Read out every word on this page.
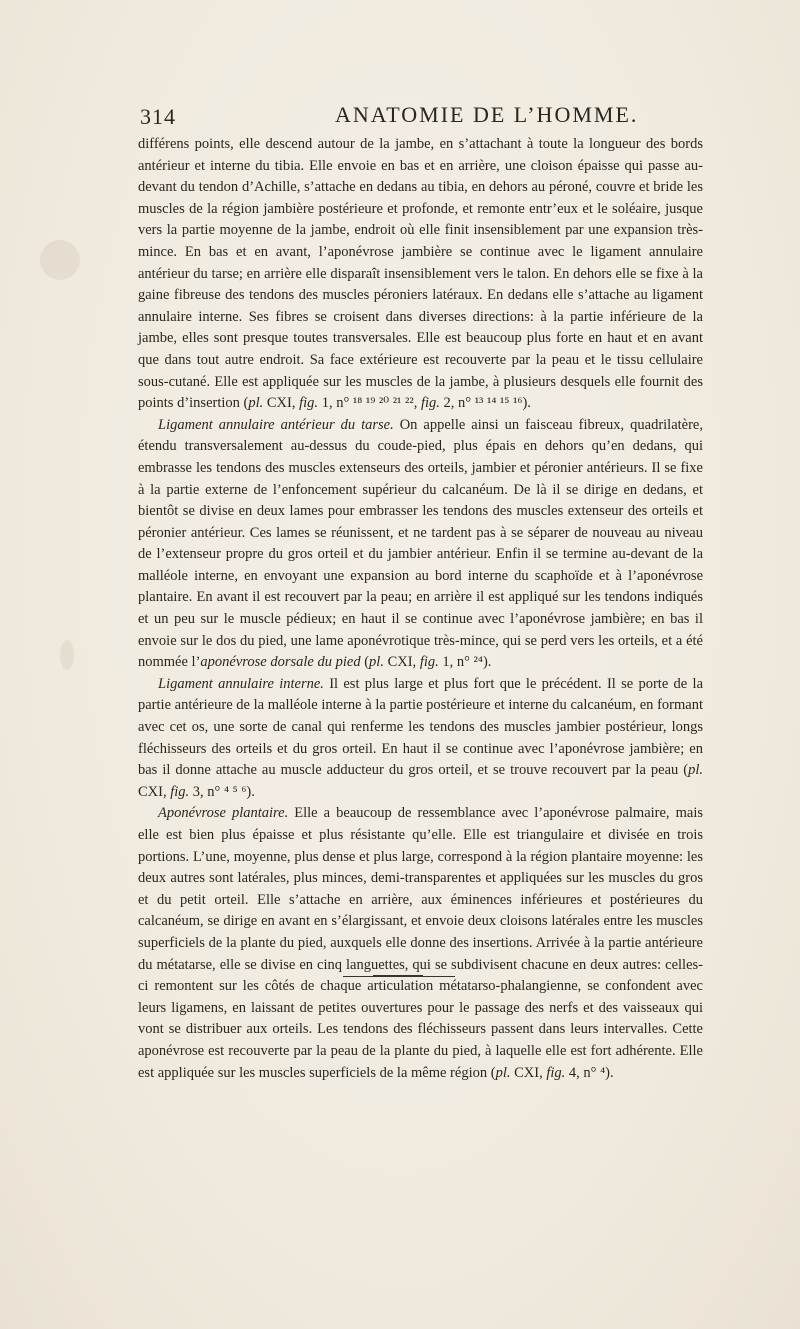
314	ANATOMIE DE L’HOMME.

différens points, elle descend autour de la jambe, en s’attachant à toute la longueur des bords antérieur et interne du tibia. Elle envoie en bas et en arrière, une cloison épaisse qui passe au-devant du tendon d’Achille, s’attache en dedans au tibia, en dehors au péroné, couvre et bride les muscles de la région jambière postérieure et profonde, et remonte entr’eux et le soléaire, jusque vers la partie moyenne de la jambe, endroit où elle finit insensiblement par une expansion très-mince. En bas et en avant, l’aponévrose jambière se continue avec le ligament annulaire antérieur du tarse; en arrière elle disparaît insensiblement vers le talon. En dehors elle se fixe à la gaine fibreuse des tendons des muscles péroniers latéraux. En dedans elle s’attache au ligament annulaire interne. Ses fibres se croisent dans diverses directions: à la partie inférieure de la jambe, elles sont presque toutes transversales. Elle est beaucoup plus forte en haut et en avant que dans tout autre endroit. Sa face extérieure est recouverte par la peau et le tissu cellulaire sous-cutané. Elle est appliquée sur les muscles de la jambe, à plusieurs desquels elle fournit des points d’insertion (pl. CXI, fig. 1, n° ¹⁸ ¹⁹ ²⁰ ²¹ ²², fig. 2, n° ¹³ ¹⁴ ¹⁵ ¹⁶).

Ligament annulaire antérieur du tarse. On appelle ainsi un faisceau fibreux, quadrilatère, étendu transversalement au-dessus du coude-pied, plus épais en dehors qu’en dedans, qui embrasse les tendons des muscles extenseurs des orteils, jambier et péronier antérieurs. Il se fixe à la partie externe de l’enfoncement supérieur du calcanéum. De là il se dirige en dedans, et bientôt se divise en deux lames pour embrasser les tendons des muscles extenseur des orteils et péronier antérieur. Ces lames se réunissent, et ne tardent pas à se séparer de nouveau au niveau de l’extenseur propre du gros orteil et du jambier antérieur. Enfin il se termine au-devant de la malléole interne, en envoyant une expansion au bord interne du scaphoïde et à l’aponévrose plantaire. En avant il est recouvert par la peau; en arrière il est appliqué sur les tendons indiqués et un peu sur le muscle pédieux; en haut il se continue avec l’aponévrose jambière; en bas il envoie sur le dos du pied, une lame aponévrotique très-mince, qui se perd vers les orteils, et a été nommée l’aponévrose dorsale du pied (pl. CXI, fig. 1, n° ²⁴).

Ligament annulaire interne. Il est plus large et plus fort que le précédent. Il se porte de la partie antérieure de la malléole interne à la partie postérieure et interne du calcanéum, en formant avec cet os, une sorte de canal qui renferme les tendons des muscles jambier postérieur, longs fléchisseurs des orteils et du gros orteil. En haut il se continue avec l’aponévrose jambière; en bas il donne attache au muscle adducteur du gros orteil, et se trouve recouvert par la peau (pl. CXI, fig. 3, n° ⁴ ⁵ ⁶).

Aponévrose plantaire. Elle a beaucoup de ressemblance avec l’aponévrose palmaire, mais elle est bien plus épaisse et plus résistante qu’elle. Elle est triangulaire et divisée en trois portions. L’une, moyenne, plus dense et plus large, correspond à la région plantaire moyenne: les deux autres sont latérales, plus minces, demi-transparentes et appliquées sur les muscles du gros et du petit orteil. Elle s’attache en arrière, aux éminences inférieures et postérieures du calcanéum, se dirige en avant en s’élargissant, et envoie deux cloisons latérales entre les muscles superficiels de la plante du pied, auxquels elle donne des insertions. Arrivée à la partie antérieure du métatarse, elle se divise en cinq languettes, qui se subdivisent chacune en deux autres: celles-ci remontent sur les côtés de chaque articulation métatarso-phalangienne, se confondent avec leurs ligamens, en laissant de petites ouvertures pour le passage des nerfs et des vaisseaux qui vont se distribuer aux orteils. Les tendons des fléchisseurs passent dans leurs intervalles. Cette aponévrose est recouverte par la peau de la plante du pied, à laquelle elle est fort adhérente. Elle est appliquée sur les muscles superficiels de la même région (pl. CXI, fig. 4, n° ⁴).
